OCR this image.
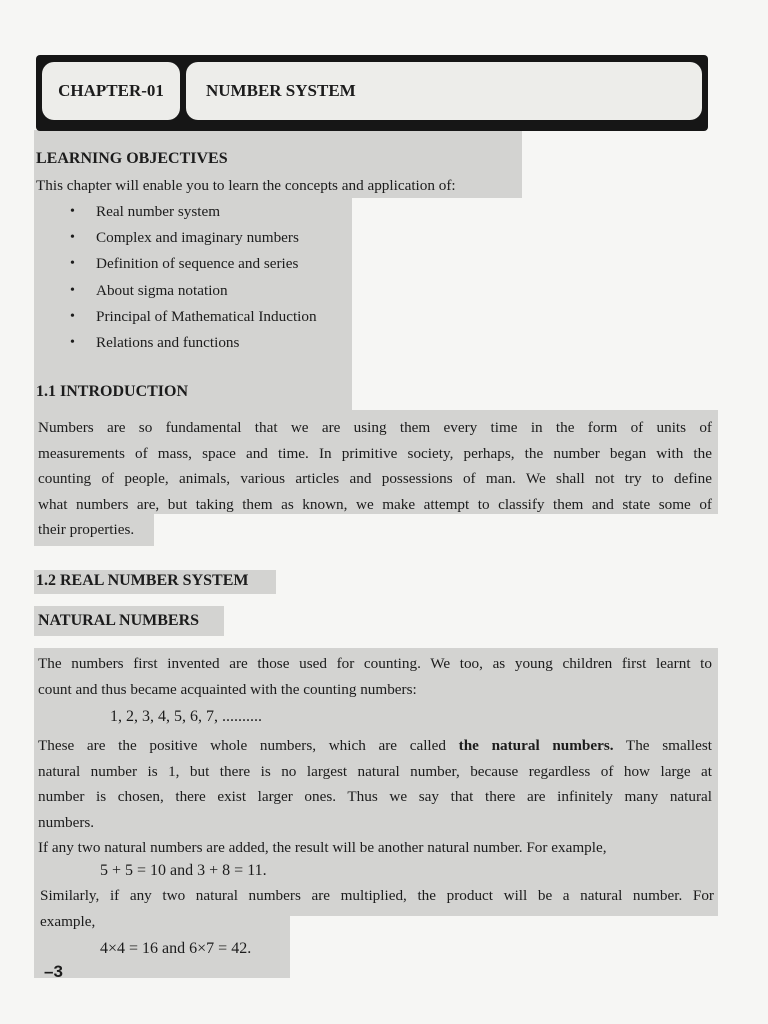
CHAPTER-01	NUMBER SYSTEM
LEARNING OBJECTIVES
This chapter will enable you to learn the concepts and application of:
• Real number system
• Complex and imaginary numbers
• Definition of sequence and series
• About sigma notation
• Principal of Mathematical Induction
• Relations and functions
1.1 INTRODUCTION
Numbers are so fundamental that we are using them every time in the form of units of
measurements of mass, space and time. In primitive society, perhaps, the number began with the
counting of people, animals, various articles and possessions of man. We shall not try to define
what numbers are, but taking them as known, we make attempt to classify them and state some of
their properties.
1.2 REAL NUMBER SYSTEM
NATURAL NUMBERS
The numbers first invented are those used for counting. We too, as young children first learnt to
count and thus became acquainted with the counting numbers:
1, 2, 3, 4, 5, 6, 7, ..........
These are the positive whole numbers, which are called the natural numbers. The smallest
natural number is 1, but there is no largest natural number, because regardless of how large at
number is chosen, there exist larger ones. Thus we say that there are infinitely many natural
numbers.
If any two natural numbers are added, the result will be another natural number. For example,
5 + 5 = 10 and 3 + 8 = 11.
Similarly, if any two natural numbers are multiplied, the product will be a natural number. For
example,
4×4 = 16 and 6×7 = 42.
–3
